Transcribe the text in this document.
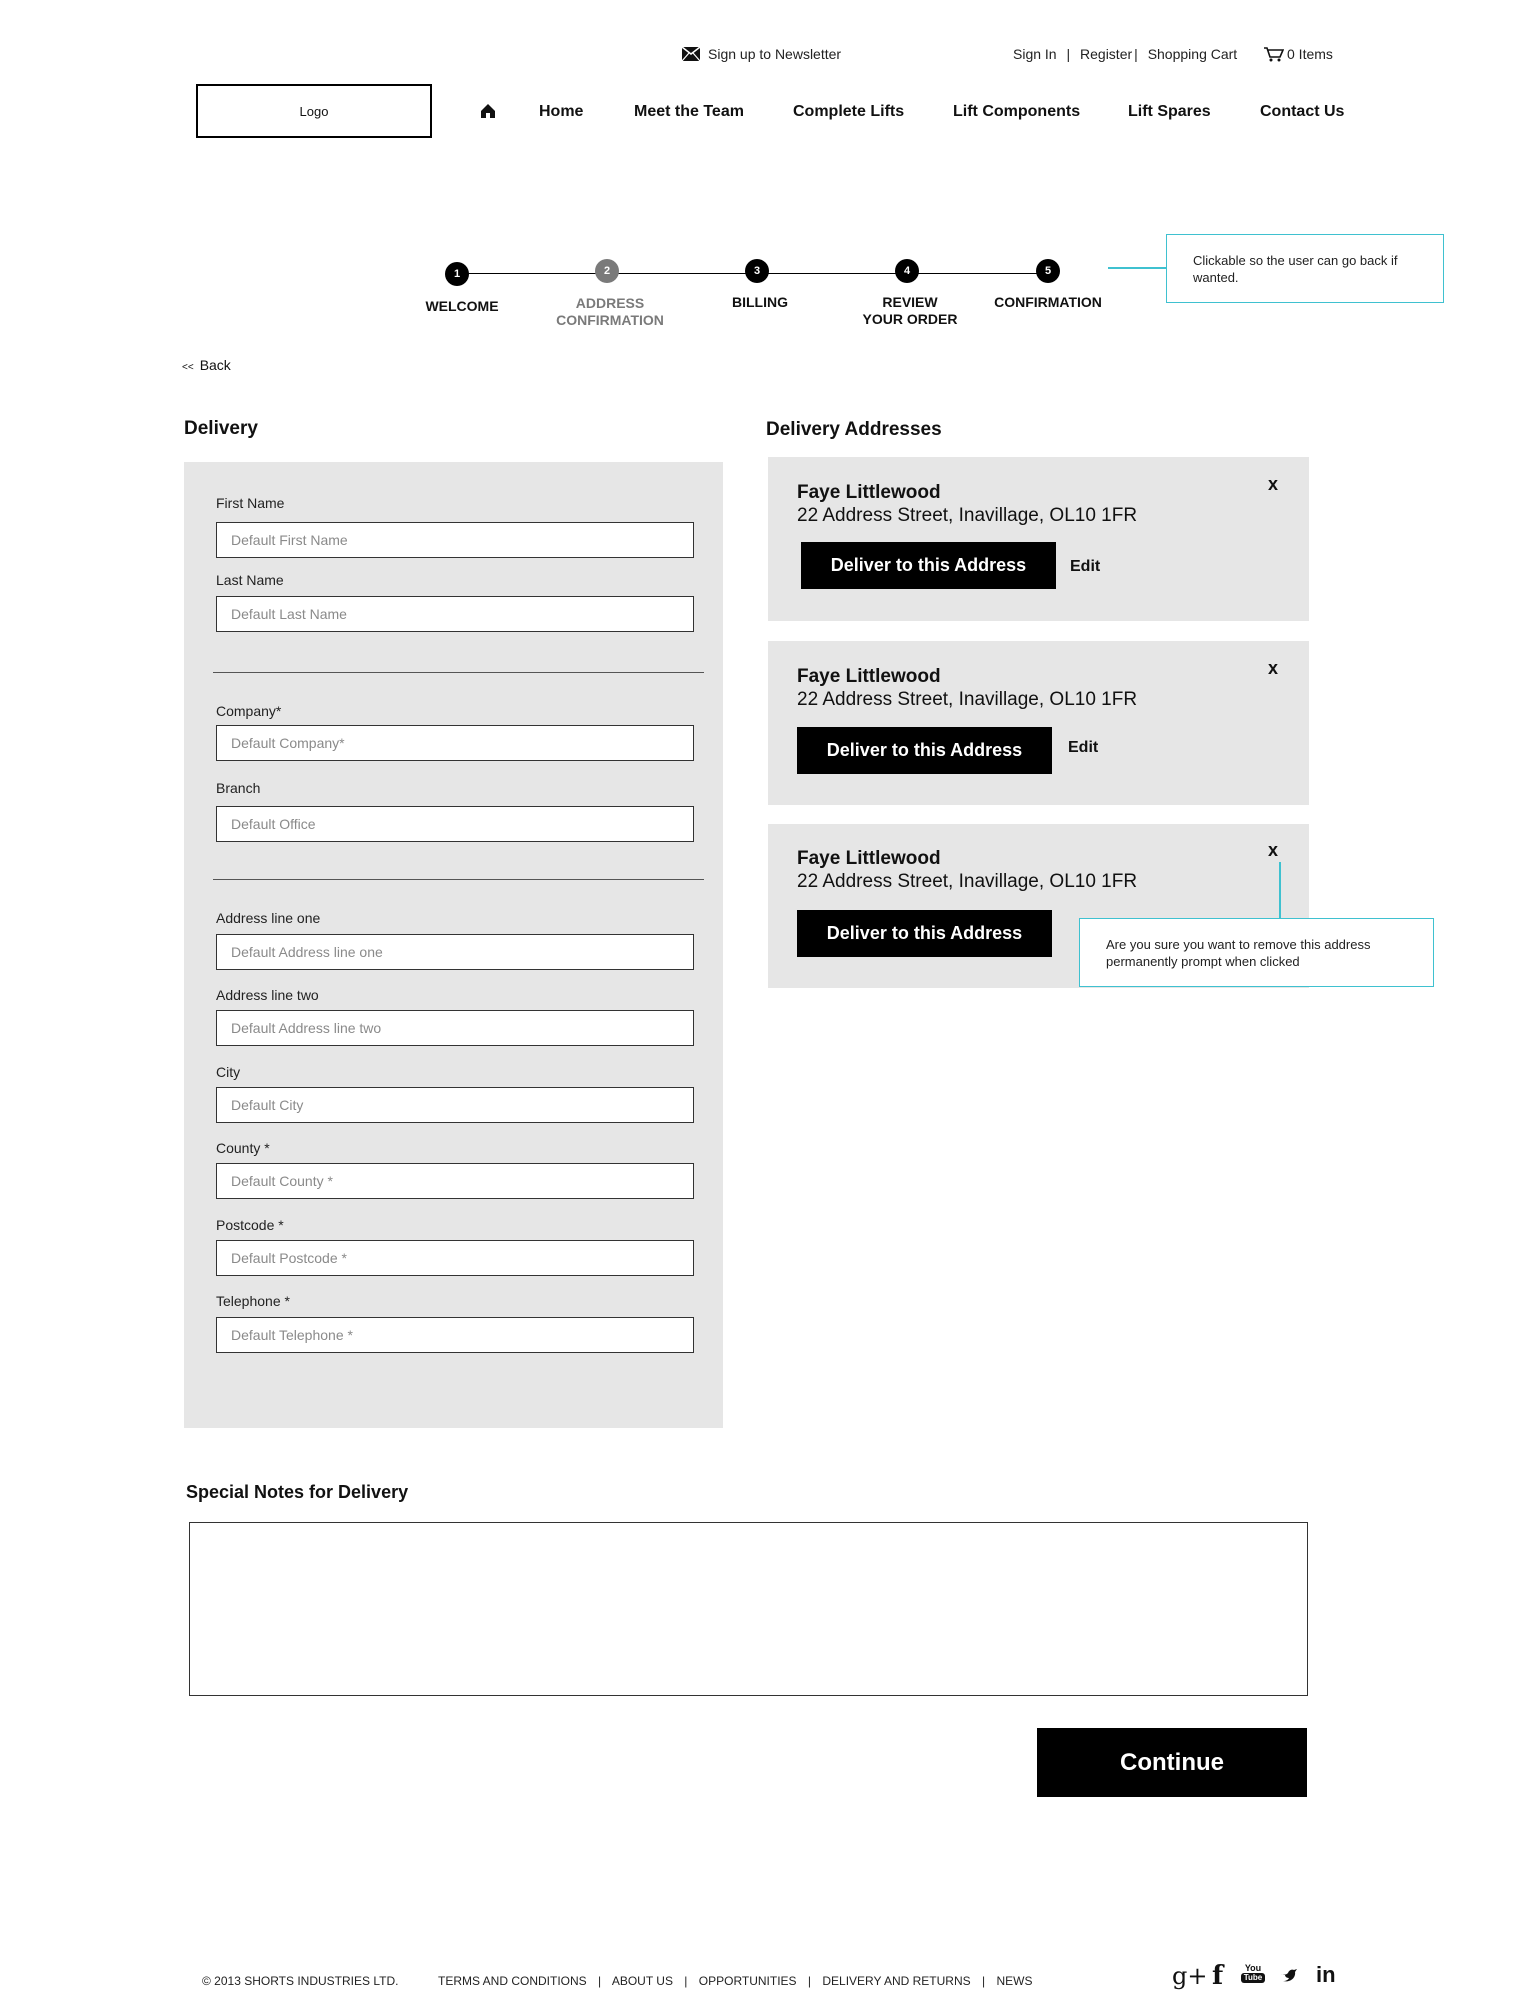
Sign up to Newsletter	Sign In | Register | Shopping Cart	0 Items
Logo	Home	Meet the Team	Complete Lifts	Lift Components	Lift Spares	Contact Us
1
WELCOME
2
ADDRESS
CONFIRMATION
3
BILLING
4
REVIEW
YOUR ORDER
5
CONFIRMATION
Clickable so the user can go back if wanted.
<< Back
Delivery
First Name
Default First Name
Last Name
Default Last Name
Company*
Default Company*
Branch
Default Office
Address line one
Default Address line one
Address line two
Default Address line two
City
Default City
County *
Default County *
Postcode *
Default Postcode *
Telephone *
Default Telephone *
Delivery Addresses
Faye Littlewood
22 Address Street, Inavillage, OL10 1FR
x
Deliver to this Address	Edit
Faye Littlewood
22 Address Street, Inavillage, OL10 1FR
x
Deliver to this Address	Edit
Faye Littlewood
22 Address Street, Inavillage, OL10 1FR
x
Deliver to this Address
Are you sure you want to remove this address permanently prompt when clicked
Special Notes for Delivery
Continue
© 2013 SHORTS INDUSTRIES LTD.	TERMS AND CONDITIONS | ABOUT US | OPPORTUNITIES | DELIVERY AND RETURNS | NEWS	g+ f	You
Tube in
